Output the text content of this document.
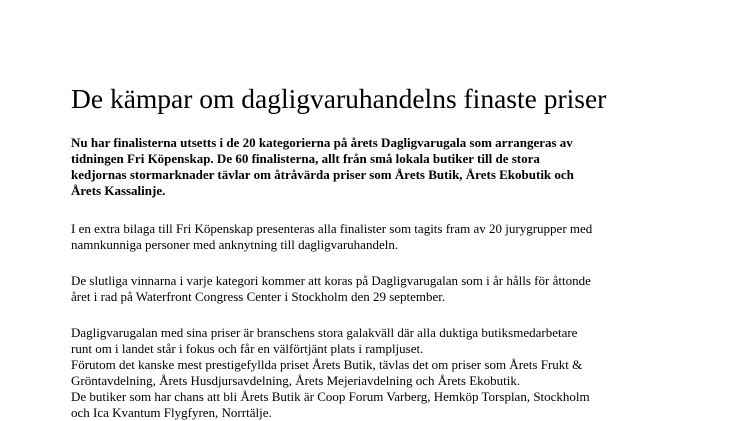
De kämpar om dagligvaruhandelns finaste priser

Nu har finalisterna utsetts i de 20 kategorierna på årets Dagligvarugala som arrangeras av
tidningen Fri Köpenskap. De 60 finalisterna, allt från små lokala butiker till de stora
kedjornas stormarknader tävlar om åtråvärda priser som Årets Butik, Årets Ekobutik och
Årets Kassalinje.

I en extra bilaga till Fri Köpenskap presenteras alla finalister som tagits fram av 20 jurygrupper med
namnkunniga personer med anknytning till dagligvaruhandeln.

De slutliga vinnarna i varje kategori kommer att koras på Dagligvarugalan som i år hålls för åttonde
året i rad på Waterfront Congress Center i Stockholm den 29 september.

Dagligvarugalan med sina priser är branschens stora galakväll där alla duktiga butiksmedarbetare
runt om i landet står i fokus och får en välförtjänt plats i rampljuset.
Förutom det kanske mest prestigefyllda priset Årets Butik, tävlas det om priser som Årets Frukt &
Gröntavdelning, Årets Husdjursavdelning, Årets Mejeriavdelning och Årets Ekobutik.
De butiker som har chans att bli Årets Butik är Coop Forum Varberg, Hemköp Torsplan, Stockholm
och Ica Kvantum Flygfyren, Norrtälje.
